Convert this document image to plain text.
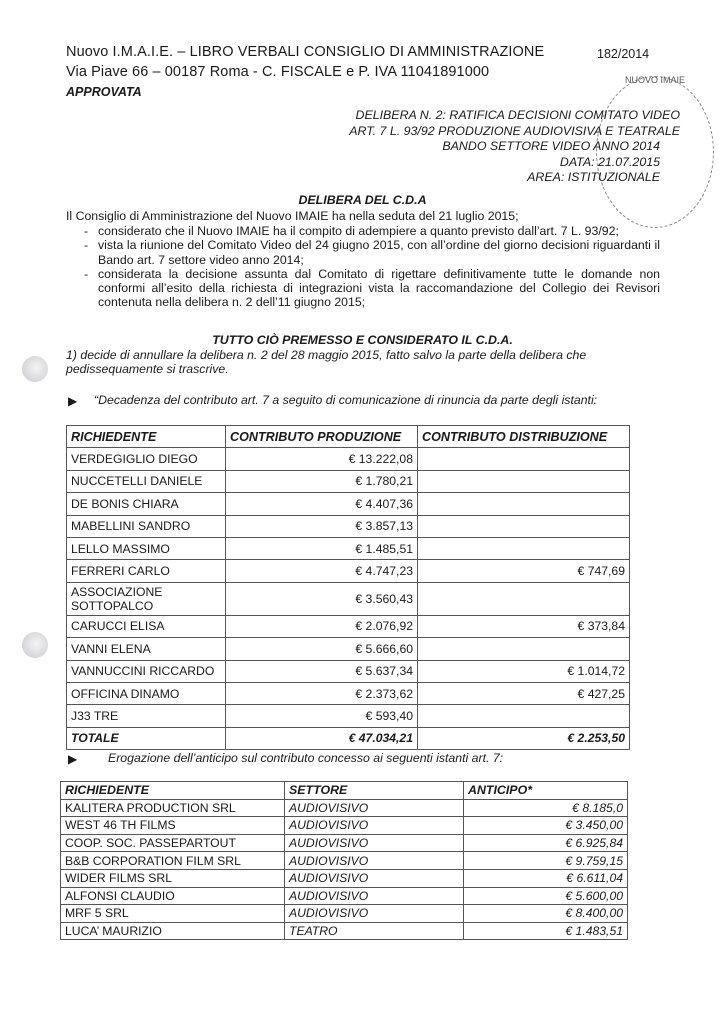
Nuovo I.M.A.I.E. – LIBRO VERBALI CONSIGLIO DI AMMINISTRAZIONE	182/2014
Via Piave 66 – 00187 Roma - C. FISCALE e P. IVA 11041891000
APPROVATA
NUOVO IMAIE
DELIBERA N. 2: RATIFICA DECISIONI COMITATO VIDEO
ART. 7 L. 93/92 PRODUZIONE AUDIOVISIVA E TEATRALE
BANDO SETTORE VIDEO ANNO 2014
DATA: 21.07.2015
AREA: ISTITUZIONALE
DELIBERA DEL C.D.A
Il Consiglio di Amministrazione del Nuovo IMAIE ha nella seduta del 21 luglio 2015;
- considerato che il Nuovo IMAIE ha il compito di adempiere a quanto previsto dall’art. 7 L. 93/92;
- vista la riunione del Comitato Video del 24 giugno 2015, con all’ordine del giorno decisioni riguardanti il Bando art. 7 settore video anno 2014;
- considerata la decisione assunta dal Comitato di rigettare definitivamente tutte le domande non conformi all’esito della richiesta di integrazioni vista la raccomandazione del Collegio dei Revisori contenuta nella delibera n. 2 dell’11 giugno 2015;
TUTTO CIÒ PREMESSO E CONSIDERATO IL C.D.A.
1) decide di annullare la delibera n. 2 del 28 maggio 2015, fatto salvo la parte della delibera che pedissequamente si trascrive.
▶ “Decadenza del contributo art. 7 a seguito di comunicazione di rinuncia da parte degli istanti:
RICHIEDENTE	CONTRIBUTO PRODUZIONE	CONTRIBUTO DISTRIBUZIONE
VERDEGIGLIO DIEGO	€ 13.222,08	
NUCCETELLI DANIELE	€ 1.780,21	
DE BONIS CHIARA	€ 4.407,36	
MABELLINI SANDRO	€ 3.857,13	
LELLO MASSIMO	€ 1.485,51	
FERRERI CARLO	€ 4.747,23	€ 747,69
ASSOCIAZIONE SOTTOPALCO	€ 3.560,43	
CARUCCI ELISA	€ 2.076,92	€ 373,84
VANNI ELENA	€ 5.666,60	
VANNUCCINI RICCARDO	€ 5.637,34	€ 1.014,72
OFFICINA DINAMO	€ 2.373,62	€ 427,25
J33 TRE	€ 593,40	
TOTALE	€ 47.034,21	€ 2.253,50
▶	Erogazione dell’anticipo sul contributo concesso ai seguenti istanti art. 7:
RICHIEDENTE	SETTORE	ANTICIPO*
KALITERA PRODUCTION SRL	AUDIOVISIVO	€ 8.185,0
WEST 46 TH FILMS	AUDIOVISIVO	€ 3.450,00
COOP. SOC. PASSEPARTOUT	AUDIOVISIVO	€ 6.925,84
B&B CORPORATION FILM SRL	AUDIOVISIVO	€ 9.759,15
WIDER FILMS SRL	AUDIOVISIVO	€ 6.611,04
ALFONSI CLAUDIO	AUDIOVISIVO	€ 5.600,00
MRF 5 SRL	AUDIOVISIVO	€ 8.400,00
LUCA’ MAURIZIO	TEATRO	€ 1.483,51
